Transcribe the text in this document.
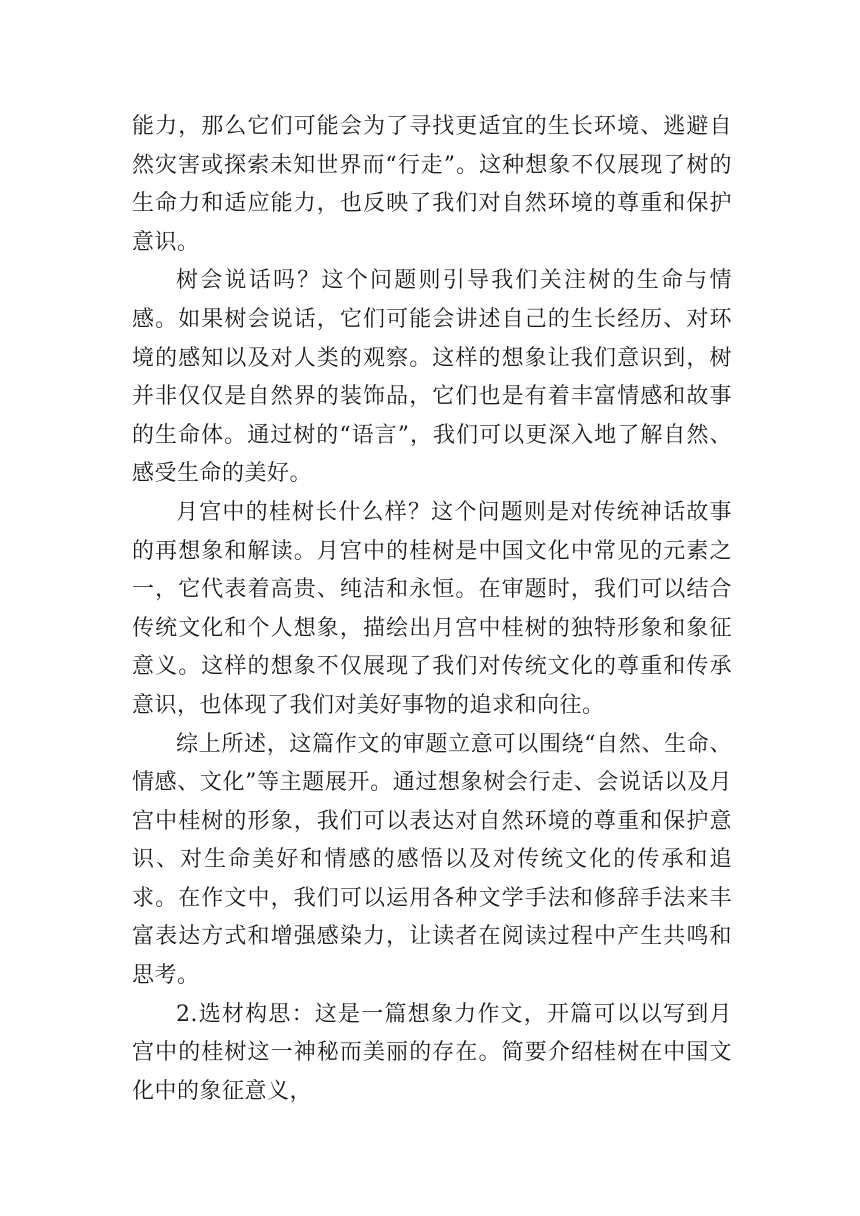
能力，那么它们可能会为了寻找更适宜的生长环境、逃避自然灾害或探索未知世界而“行走”。这种想象不仅展现了树的生命力和适应能力，也反映了我们对自然环境的尊重和保护意识。

树会说话吗？这个问题则引导我们关注树的生命与情感。如果树会说话，它们可能会讲述自己的生长经历、对环境的感知以及对人类的观察。这样的想象让我们意识到，树并非仅仅是自然界的装饰品，它们也是有着丰富情感和故事的生命体。通过树的“语言”，我们可以更深入地了解自然、感受生命的美好。

月宫中的桂树长什么样？这个问题则是对传统神话故事的再想象和解读。月宫中的桂树是中国文化中常见的元素之一，它代表着高贵、纯洁和永恒。在审题时，我们可以结合传统文化和个人想象，描绘出月宫中桂树的独特形象和象征意义。这样的想象不仅展现了我们对传统文化的尊重和传承意识，也体现了我们对美好事物的追求和向往。

综上所述，这篇作文的审题立意可以围绕“自然、生命、情感、文化”等主题展开。通过想象树会行走、会说话以及月宫中桂树的形象，我们可以表达对自然环境的尊重和保护意识、对生命美好和情感的感悟以及对传统文化的传承和追求。在作文中，我们可以运用各种文学手法和修辞手法来丰富表达方式和增强感染力，让读者在阅读过程中产生共鸣和思考。

2.选材构思：这是一篇想象力作文，开篇可以以写到月宫中的桂树这一神秘而美丽的存在。简要介绍桂树在中国文化中的象征意义，
